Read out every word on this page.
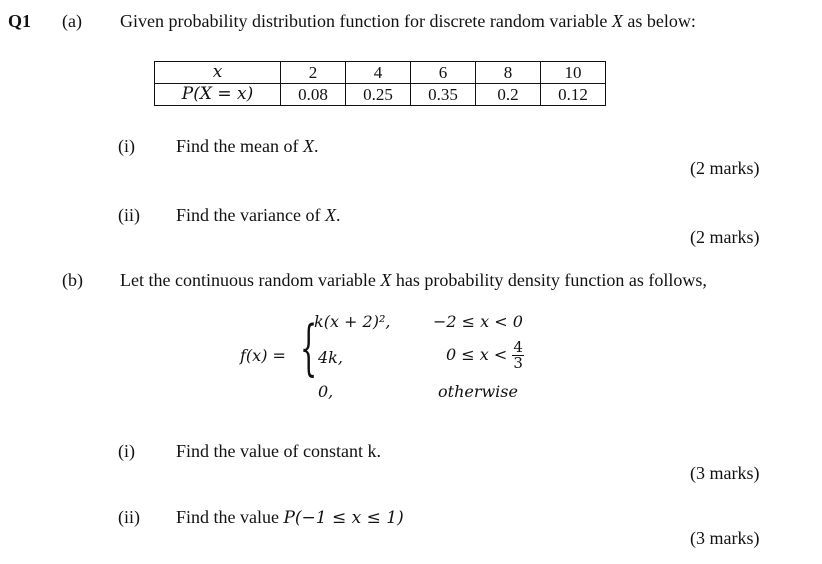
Q1 (a) Given probability distribution function for discrete random variable X as below:
x	2	4	6	8	10
P(X = x)	0.08	0.25	0.35	0.2	0.12
(i) Find the mean of X.
(2 marks)
(ii) Find the variance of X.
(2 marks)
(b) Let the continuous random variable X has probability density function as follows,
f(x) = {
k(x + 2)²,	−2 ≤ x < 0
4k,	$0 \le x < \frac{4}{3}$
0,	otherwise
(i) Find the value of constant k.
(3 marks)
(ii) Find the value P(−1 ≤ x ≤ 1)
(3 marks)
